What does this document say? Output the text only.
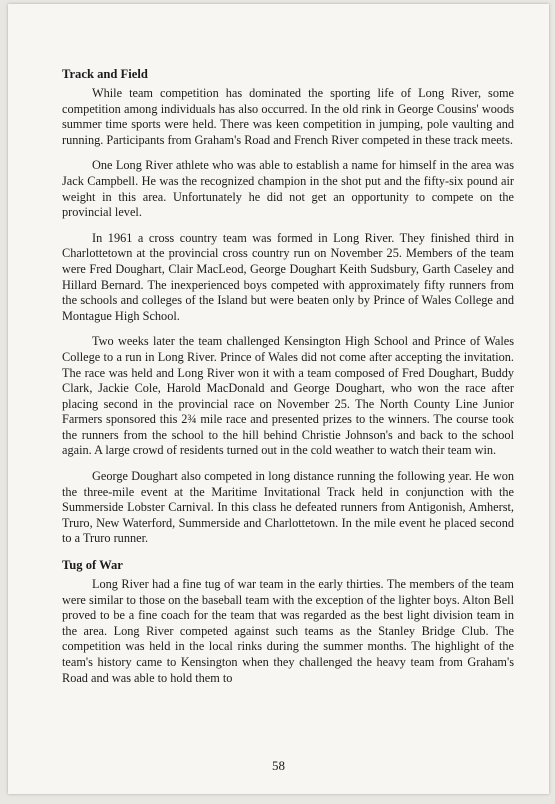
Track and Field

While team competition has dominated the sporting life of Long River, some competition among individuals has also occurred. In the old rink in George Cousins' woods summer time sports were held. There was keen competition in jumping, pole vaulting and running. Participants from Graham's Road and French River competed in these track meets.

One Long River athlete who was able to establish a name for himself in the area was Jack Campbell. He was the recognized champion in the shot put and the fifty-six pound air weight in this area. Unfortunately he did not get an opportunity to compete on the provincial level.

In 1961 a cross country team was formed in Long River. They finished third in Charlottetown at the provincial cross country run on November 25. Members of the team were Fred Doughart, Clair MacLeod, George Doughart Keith Sudsbury, Garth Caseley and Hillard Bernard. The inexperienced boys competed with approximately fifty runners from the schools and colleges of the Island but were beaten only by Prince of Wales College and Montague High School.

Two weeks later the team challenged Kensington High School and Prince of Wales College to a run in Long River. Prince of Wales did not come after accepting the invitation. The race was held and Long River won it with a team composed of Fred Doughart, Buddy Clark, Jackie Cole, Harold MacDonald and George Doughart, who won the race after placing second in the provincial race on November 25. The North County Line Junior Farmers sponsored this 2¾ mile race and presented prizes to the winners. The course took the runners from the school to the hill behind Christie Johnson's and back to the school again. A large crowd of residents turned out in the cold weather to watch their team win.

George Doughart also competed in long distance running the following year. He won the three-mile event at the Maritime Invitational Track held in conjunction with the Summerside Lobster Carnival. In this class he defeated runners from Antigonish, Amherst, Truro, New Waterford, Summerside and Charlottetown. In the mile event he placed second to a Truro runner.

Tug of War

Long River had a fine tug of war team in the early thirties. The members of the team were similar to those on the baseball team with the exception of the lighter boys. Alton Bell proved to be a fine coach for the team that was regarded as the best light division team in the area. Long River competed against such teams as the Stanley Bridge Club. The competition was held in the local rinks during the summer months. The highlight of the team's history came to Kensington when they challenged the heavy team from Graham's Road and was able to hold them to

58
